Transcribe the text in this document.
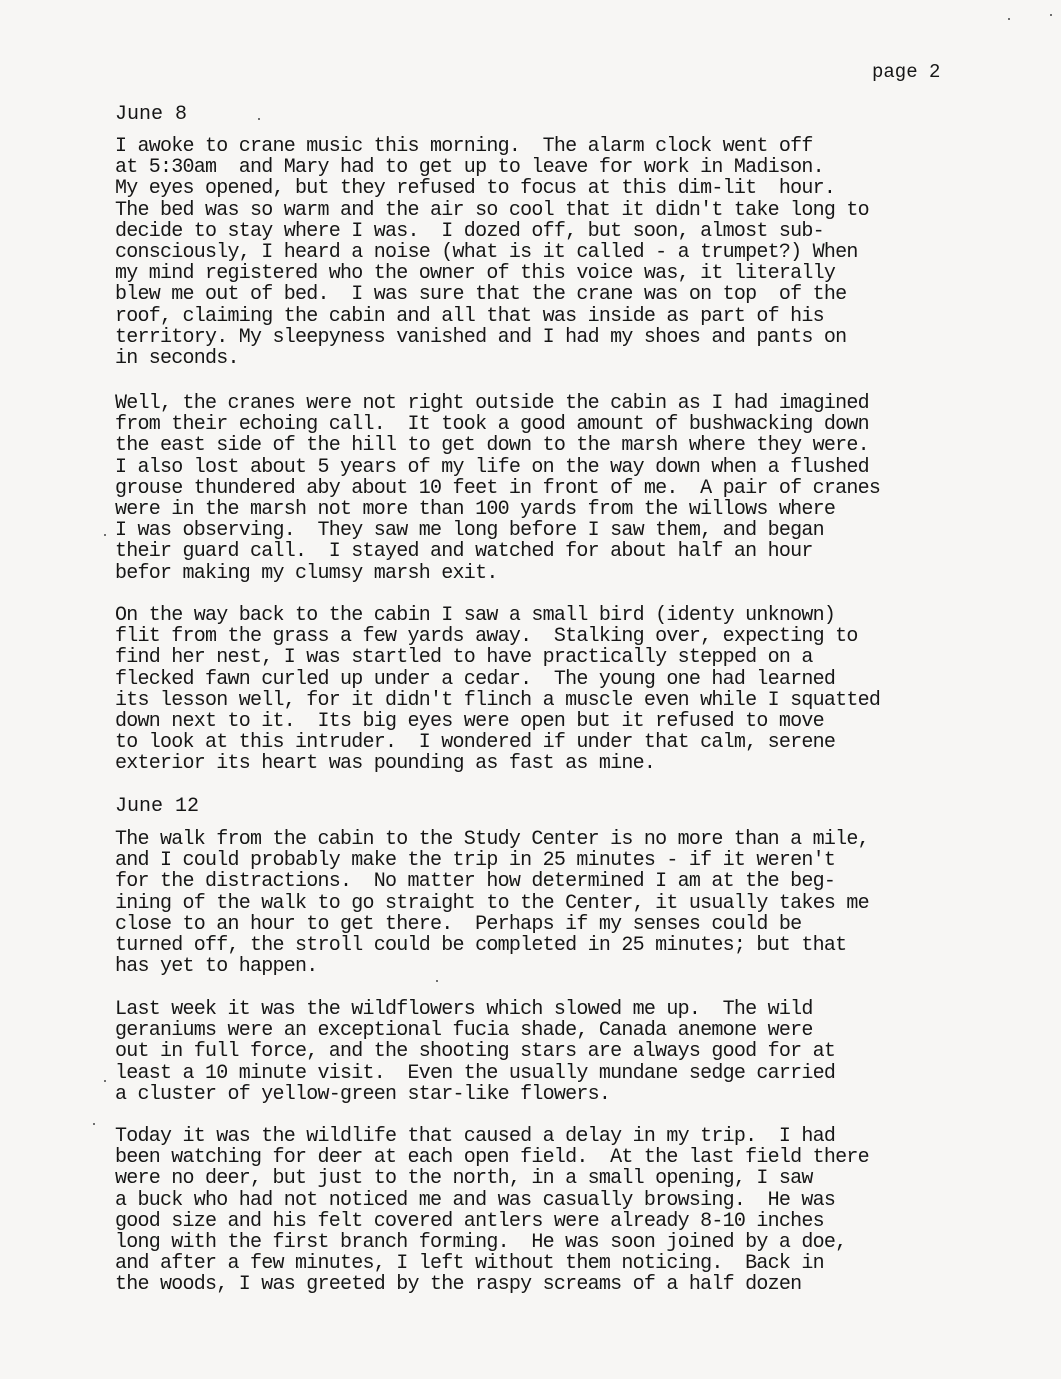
page 2
June 8
I awoke to crane music this morning.  The alarm clock went off
at 5:30am  and Mary had to get up to leave for work in Madison.
My eyes opened, but they refused to focus at this dim-lit  hour.
The bed was so warm and the air so cool that it didn't take long to
decide to stay where I was.  I dozed off, but soon, almost sub-
consciously, I heard a noise (what is it called - a trumpet?) When
my mind registered who the owner of this voice was, it literally
blew me out of bed.  I was sure that the crane was on top  of the
roof, claiming the cabin and all that was inside as part of his
territory. My sleepyness vanished and I had my shoes and pants on
in seconds.
Well, the cranes were not right outside the cabin as I had imagined
from their echoing call.  It took a good amount of bushwacking down
the east side of the hill to get down to the marsh where they were.
I also lost about 5 years of my life on the way down when a flushed
grouse thundered aby about 10 feet in front of me.  A pair of cranes
were in the marsh not more than 100 yards from the willows where
I was observing.  They saw me long before I saw them, and began
their guard call.  I stayed and watched for about half an hour
befor making my clumsy marsh exit.
On the way back to the cabin I saw a small bird (identy unknown)
flit from the grass a few yards away.  Stalking over, expecting to
find her nest, I was startled to have practically stepped on a
flecked fawn curled up under a cedar.  The young one had learned
its lesson well, for it didn't flinch a muscle even while I squatted
down next to it.  Its big eyes were open but it refused to move
to look at this intruder.  I wondered if under that calm, serene
exterior its heart was pounding as fast as mine.
June 12
The walk from the cabin to the Study Center is no more than a mile,
and I could probably make the trip in 25 minutes - if it weren't
for the distractions.  No matter how determined I am at the beg-
ining of the walk to go straight to the Center, it usually takes me
close to an hour to get there.  Perhaps if my senses could be
turned off, the stroll could be completed in 25 minutes; but that
has yet to happen.
Last week it was the wildflowers which slowed me up.  The wild
geraniums were an exceptional fucia shade, Canada anemone were
out in full force, and the shooting stars are always good for at
least a 10 minute visit.  Even the usually mundane sedge carried
a cluster of yellow-green star-like flowers.
Today it was the wildlife that caused a delay in my trip.  I had
been watching for deer at each open field.  At the last field there
were no deer, but just to the north, in a small opening, I saw
a buck who had not noticed me and was casually browsing.  He was
good size and his felt covered antlers were already 8-10 inches
long with the first branch forming.  He was soon joined by a doe,
and after a few minutes, I left without them noticing.  Back in
the woods, I was greeted by the raspy screams of a half dozen
